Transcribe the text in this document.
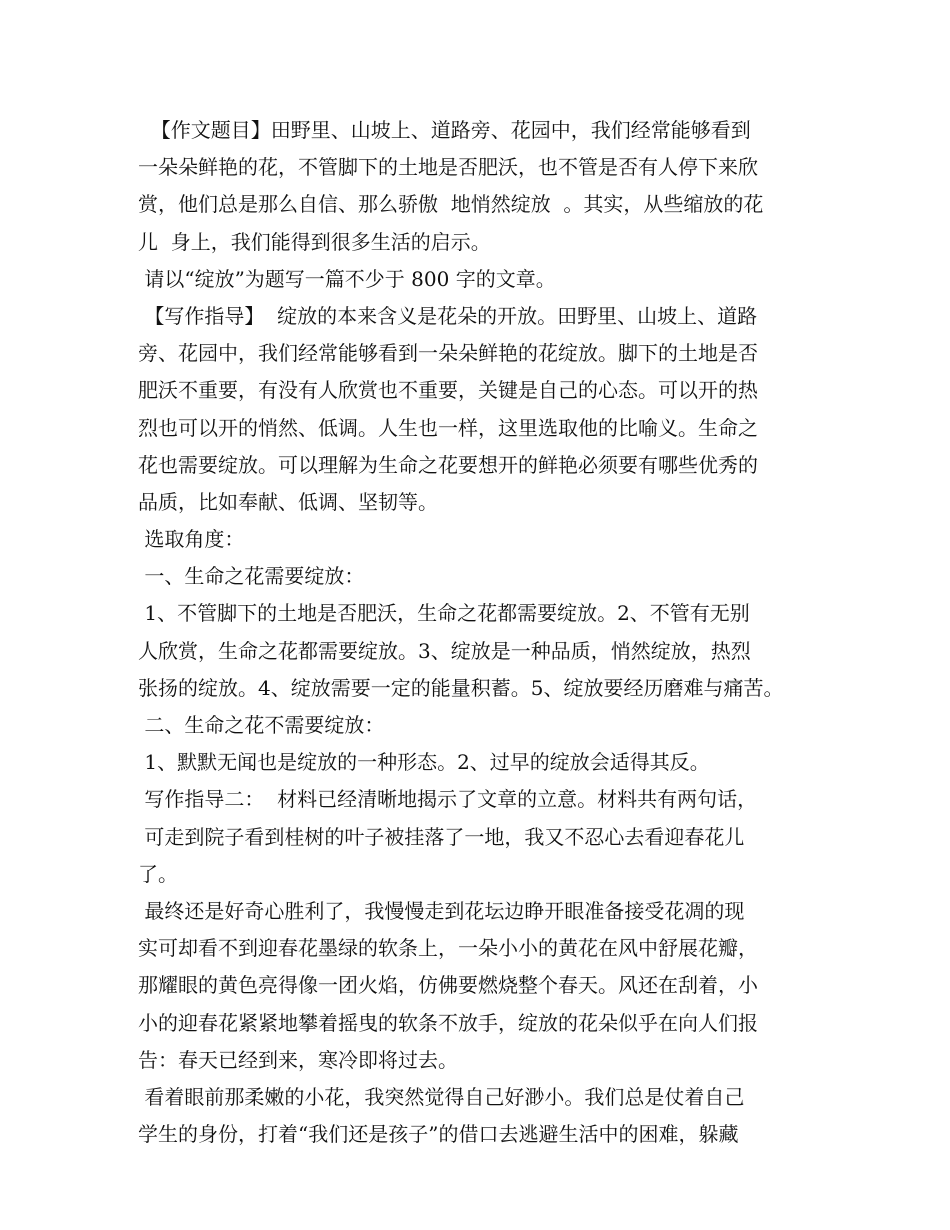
【作文题目】田野里、山坡上、道路旁、花园中，我们经常能够看到
一朵朵鲜艳的花，不管脚下的土地是否肥沃，也不管是否有人停下来欣
赏，他们总是那么自信、那么骄傲  地悄然绽放  。其实，从些缩放的花
儿  身上，我们能得到很多生活的启示。
请以“绽放”为题写一篇不少于 800 字的文章。
【写作指导】  绽放的本来含义是花朵的开放。田野里、山坡上、道路
旁、花园中，我们经常能够看到一朵朵鲜艳的花绽放。脚下的土地是否
肥沃不重要，有没有人欣赏也不重要，关键是自己的心态。可以开的热
烈也可以开的悄然、低调。人生也一样，这里选取他的比喻义。生命之
花也需要绽放。可以理解为生命之花要想开的鲜艳必须要有哪些优秀的
品质，比如奉献、低调、坚韧等。
选取角度：
一、生命之花需要绽放：
1、不管脚下的土地是否肥沃，生命之花都需要绽放。2、不管有无别
人欣赏，生命之花都需要绽放。3、绽放是一种品质，悄然绽放，热烈
张扬的绽放。4、绽放需要一定的能量积蓄。5、绽放要经历磨难与痛苦。
二、生命之花不需要绽放：
1、默默无闻也是绽放的一种形态。2、过早的绽放会适得其反。
写作指导二：  材料已经清晰地揭示了文章的立意。材料共有两句话，
可走到院子看到桂树的叶子被挂落了一地，我又不忍心去看迎春花儿
了。
最终还是好奇心胜利了，我慢慢走到花坛边睁开眼准备接受花凋的现
实可却看不到迎春花墨绿的软条上，一朵小小的黄花在风中舒展花瓣，
那耀眼的黄色亮得像一团火焰，仿佛要燃烧整个春天。风还在刮着，小
小的迎春花紧紧地攀着摇曳的软条不放手，绽放的花朵似乎在向人们报
告：春天已经到来，寒冷即将过去。
看着眼前那柔嫩的小花，我突然觉得自己好渺小。我们总是仗着自己
学生的身份，打着“我们还是孩子”的借口去逃避生活中的困难，躲藏
